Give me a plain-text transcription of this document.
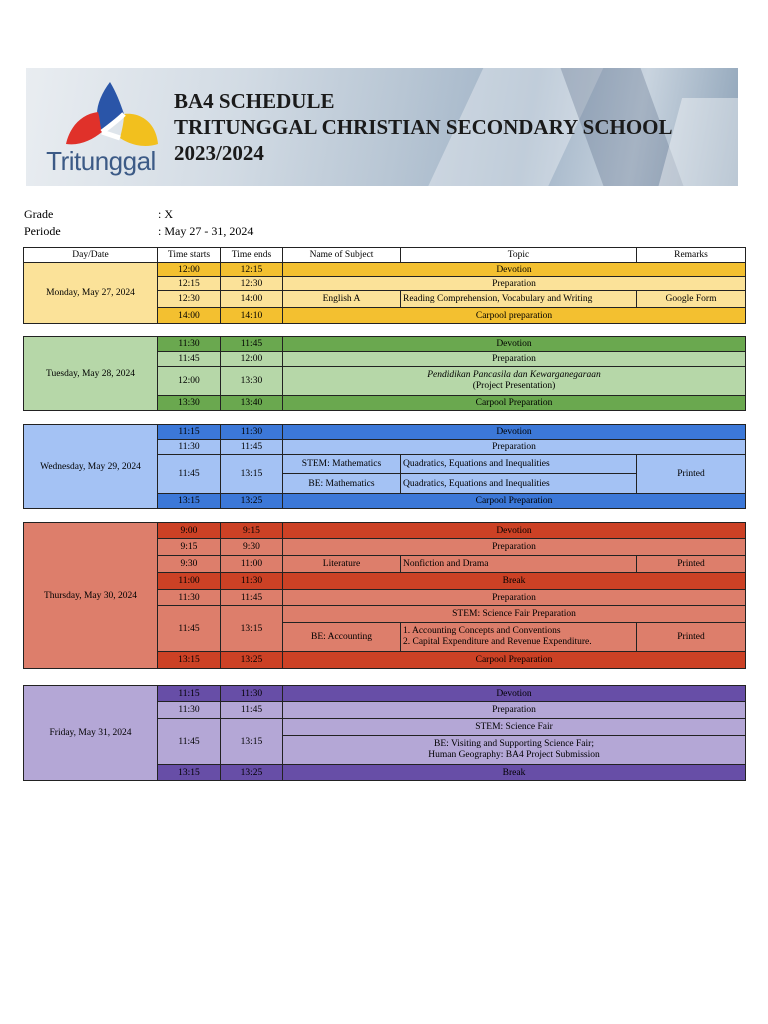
Tritunggal
BA4 SCHEDULE
TRITUNGGAL CHRISTIAN SECONDARY SCHOOL
2023/2024
Grade	: X
Periode	: May 27 - 31, 2024
Day/Date	Time starts	Time ends	Name of Subject	Topic	Remarks
Monday, May 27, 2024	12:00	12:15	Devotion		
	12:15	12:30	Preparation		
	12:30	14:00	English A	Reading Comprehension, Vocabulary and Writing	Google Form
	14:00	14:10	Carpool preparation		
Tuesday, May 28, 2024	11:30	11:45	Devotion
	11:45	12:00	Preparation
	12:00	13:30	Pendidikan Pancasila dan Kewarganegaraan
(Project Presentation)

	13:30	13:40	Carpool Preparation
Wednesday, May 29, 2024	11:15	11:30	Devotion		
	11:30	11:45	Preparation		
	11:45	13:15	STEM: Mathematics	Quadratics, Equations and Inequalities	Printed
			BE: Mathematics	Quadratics, Equations and Inequalities	
	13:15	13:25	Carpool Preparation		
Thursday, May 30, 2024	9:00	9:15	Devotion		
	9:15	9:30	Preparation		
	9:30	11:00	Literature	Nonfiction and Drama	Printed
	11:00	11:30	Break		
	11:30	11:45	Preparation		
	11:45	13:15	STEM: Science Fair Preparation		
			BE: Accounting	1. Accounting Concepts and Conventions
2. Capital Expenditure and Revenue Expenditure.	Printed
	13:15	13:25	Carpool Preparation		
Friday, May 31, 2024	11:15	11:30	Devotion
	11:30	11:45	Preparation
	11:45	13:15	STEM: Science Fair

			BE: Visiting and Supporting Science Fair;
Human Geography: BA4 Project Submission

	13:15	13:25	Break
